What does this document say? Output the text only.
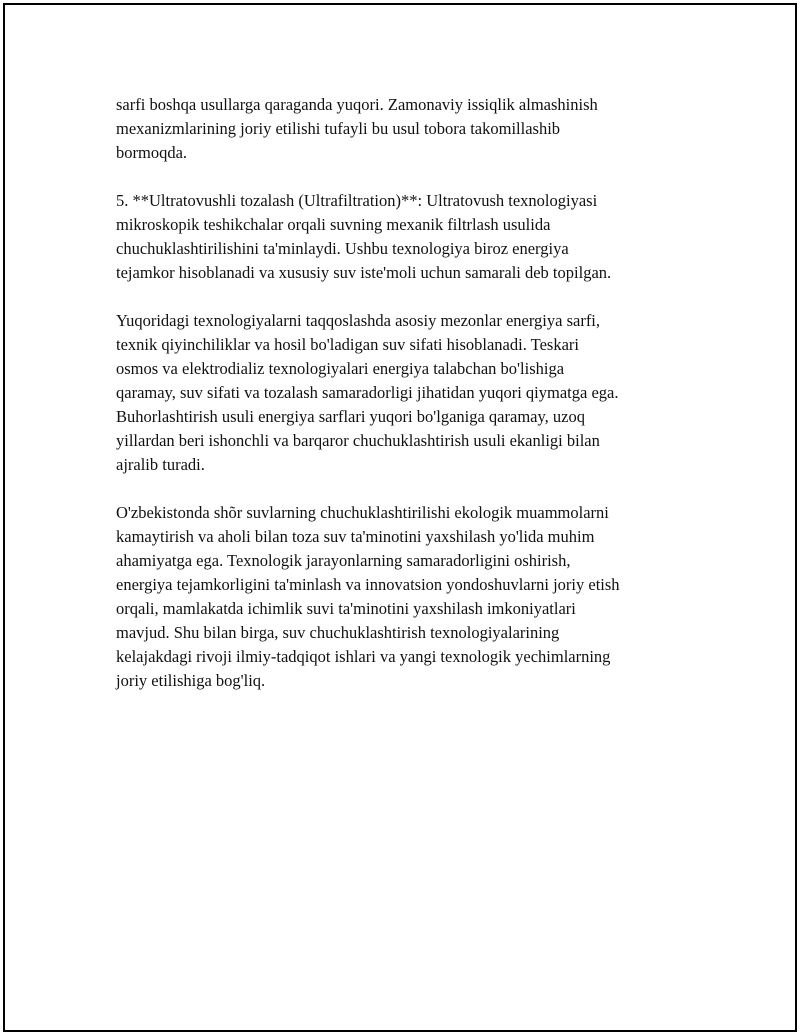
sarfi boshqa usullarga qaraganda yuqori. Zamonaviy issiqlik almashinish
mexanizmlarining joriy etilishi tufayli bu usul tobora takomillashib
bormoqda.

5. **Ultratovushli tozalash (Ultrafiltration)**: Ultratovush texnologiyasi
mikroskopik teshikchalar orqali suvning mexanik filtrlash usulida
chuchuklashtirilishini ta'minlaydi. Ushbu texnologiya biroz energiya
tejamkor hisoblanadi va xususiy suv iste'moli uchun samarali deb topilgan.

Yuqoridagi texnologiyalarni taqqoslashda asosiy mezonlar energiya sarfi,
texnik qiyinchiliklar va hosil bo'ladigan suv sifati hisoblanadi. Teskari
osmos va elektrodializ texnologiyalari energiya talabchan bo'lishiga
qaramay, suv sifati va tozalash samaradorligi jihatidan yuqori qiymatga ega.
Buhorlashtirish usuli energiya sarflari yuqori bo'lganiga qaramay, uzoq
yillardan beri ishonchli va barqaror chuchuklashtirish usuli ekanligi bilan
ajralib turadi.

O'zbekistonda shõr suvlarning chuchuklashtirilishi ekologik muammolarni
kamaytirish va aholi bilan toza suv ta'minotini yaxshilash yo'lida muhim
ahamiyatga ega. Texnologik jarayonlarning samaradorligini oshirish,
energiya tejamkorligini ta'minlash va innovatsion yondoshuvlarni joriy etish
orqali, mamlakatda ichimlik suvi ta'minotini yaxshilash imkoniyatlari
mavjud. Shu bilan birga, suv chuchuklashtirish texnologiyalarining
kelajakdagi rivoji ilmiy-tadqiqot ishlari va yangi texnologik yechimlarning
joriy etilishiga bog'liq.
